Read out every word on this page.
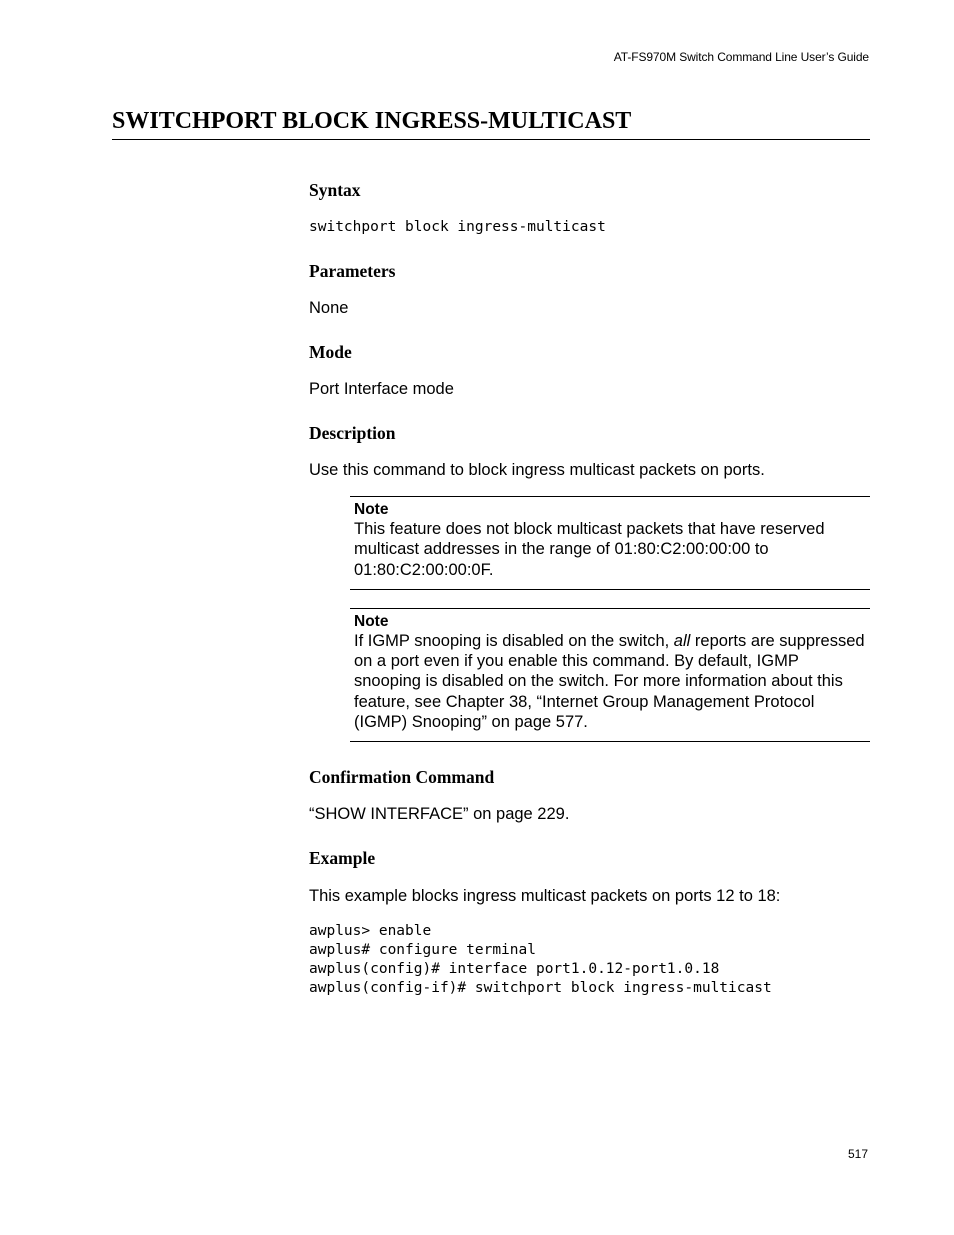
AT-FS970M Switch Command Line User’s Guide
SWITCHPORT BLOCK INGRESS-MULTICAST
Syntax

switchport block ingress-multicast

Parameters

None

Mode

Port Interface mode

Description

Use this command to block ingress multicast packets on ports.

Note
This feature does not block multicast packets that have reserved multicast addresses in the range of 01:80:C2:00:00:00 to 01:80:C2:00:00:0F.
Note
If IGMP snooping is disabled on the switch, all reports are suppressed on a port even if you enable this command. By default, IGMP snooping is disabled on the switch. For more information about this feature, see Chapter 38, “Internet Group Management Protocol (IGMP) Snooping” on page 577.
Confirmation Command

“SHOW INTERFACE” on page 229.

Example

This example blocks ingress multicast packets on ports 12 to 18:

awplus> enable

awplus# configure terminal

awplus(config)# interface port1.0.12-port1.0.18

awplus(config-if)# switchport block ingress-multicast

517
